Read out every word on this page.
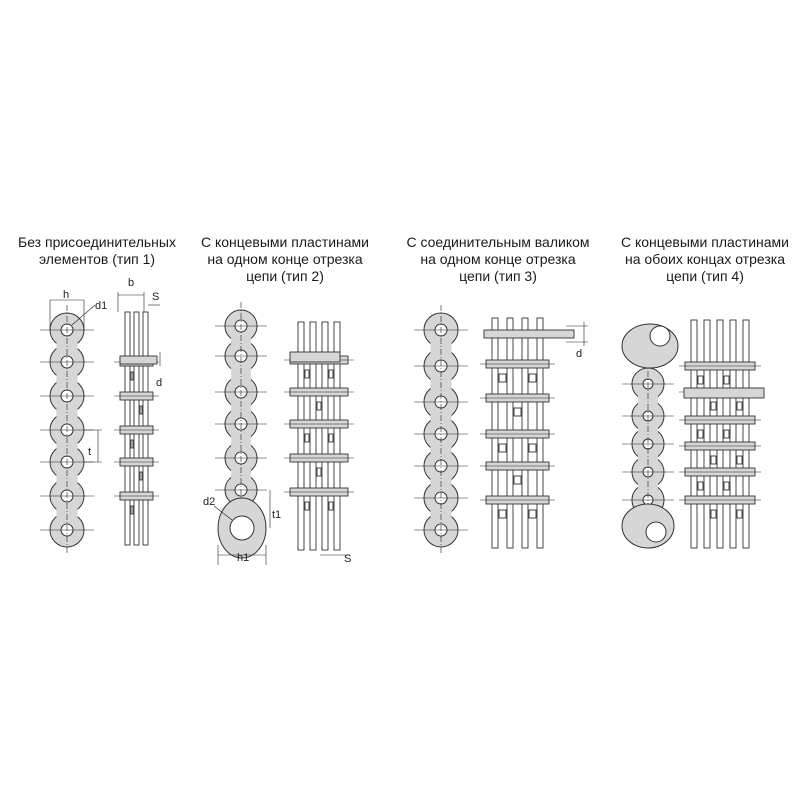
Без присоединительных
элементов (тип 1)
С концевыми пластинами
на одном конце отрезка
цепи (тип 2)
С соединительным валиком
на одном конце отрезка
цепи (тип 3)
С концевыми пластинами
на обоих концах отрезка
цепи (тип 4)
h
d1
b
S
d
t
d2
t1
h1	S
d
